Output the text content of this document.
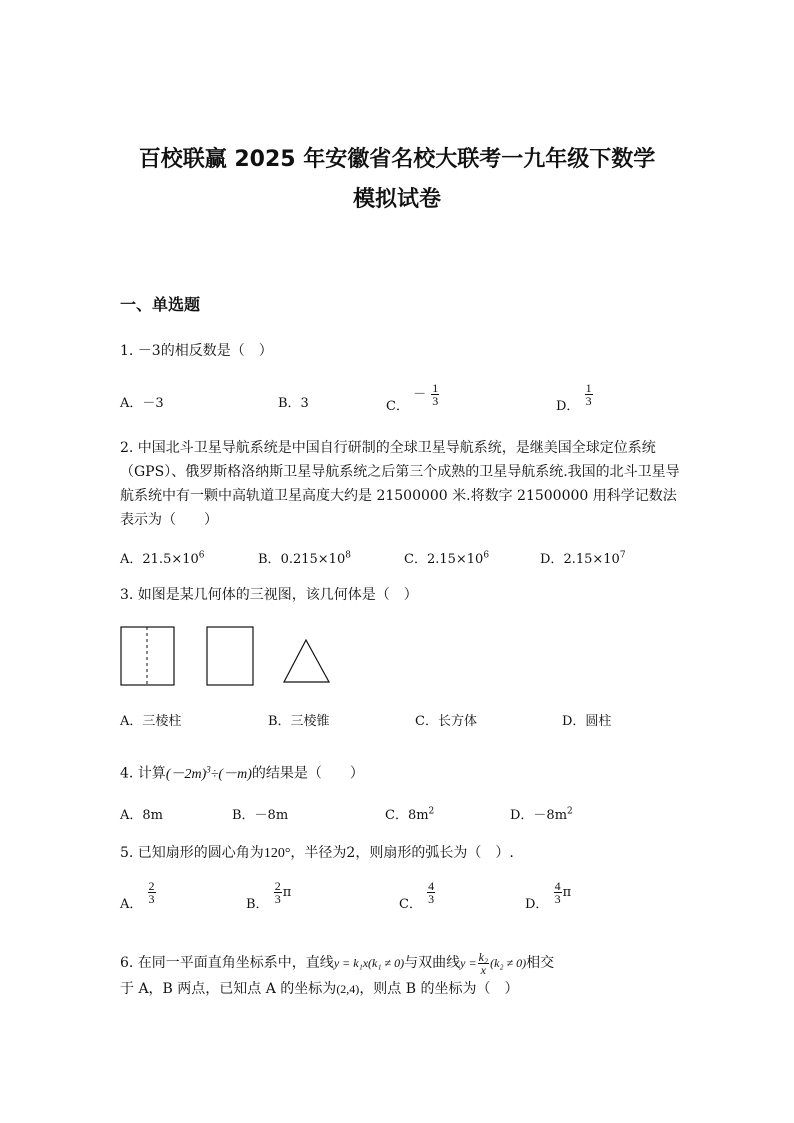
百校联赢 2025 年安徽省名校大联考一九年级下数学
模拟试卷
一、单选题
1. －3的相反数是（　）
A．－3	B．3	C． － $\frac{1}{3}$	D． $\frac{1}{3}$
2. 中国北斗卫星导航系统是中国自行研制的全球卫星导航系统，是继美国全球定位系统（GPS）、俄罗斯格洛纳斯卫星导航系统之后第三个成熟的卫星导航系统.我国的北斗卫星导航系统中有一颗中高轨道卫星高度大约是 21500000 米.将数字 21500000 用科学记数法表示为（　　）
A．$21.5\times 10^6$	B．$0.215\times 10^8$	C．$2.15\times 10^6$	D．$2.15\times 10^7$
3. 如图是某几何体的三视图，该几何体是（　）
A．三棱柱	B．三棱锥	C．长方体	D．圆柱
4. 计算$(-2m)^3\div(-m)$的结果是（　　）
A．8m	B．－8m	C．$8m^2$	D．$-8m^2$
5. 已知扇形的圆心角为120°，半径为2，则扇形的弧长为（　）.
A． $\frac{2}{3}$	B． $\frac{2}{3}$ π
C． $\frac{4}{3}$	D． $\frac{4}{3}$ π
6. 在同一平面直角坐标系中，直线y = k₁x(k₁ ≠ 0)与双曲线$y = \frac{\text{k₂}}{x} (k_2 \ne 0)$相交
于 A，B 两点，已知点 A 的坐标为(2,4)，则点 B 的坐标为（　）
